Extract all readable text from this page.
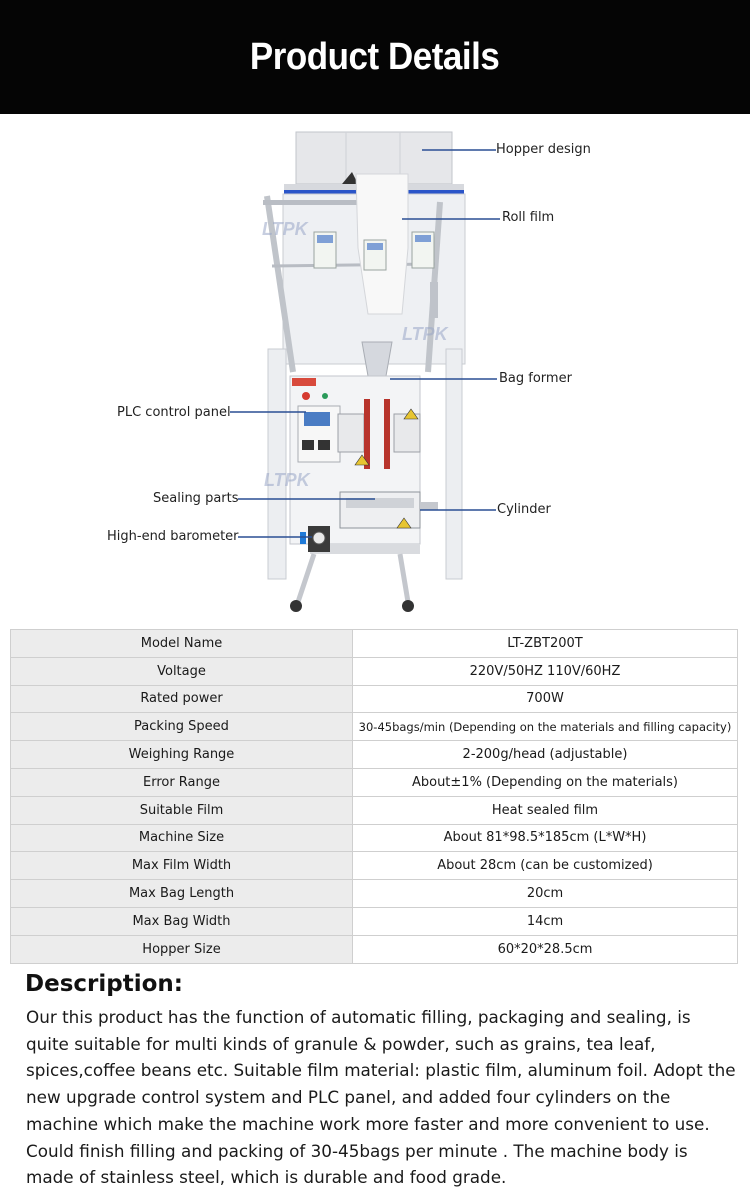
Product Details
LTPK
LTPK
LTPK
Hopper design
Roll film
Bag former
PLC control panel
Sealing parts
Cylinder
High-end barometer
Model Name	LT-ZBT200T
Voltage	220V/50HZ 110V/60HZ
Rated power	700W
Packing Speed	30-45bags/min (Depending on the materials and filling capacity)
Weighing Range	2-200g/head (adjustable)
Error Range	About±1% (Depending on the materials)
Suitable Film	Heat sealed film
Machine Size	About 81*98.5*185cm (L*W*H)
Max Film Width	About 28cm (can be customized)
Max Bag Length	20cm
Max Bag Width	14cm
Hopper Size	60*20*28.5cm
Description:
Our this product has the function of automatic filling, packaging and sealing, is quite suitable for multi kinds of granule & powder, such as grains, tea leaf, spices,coffee beans etc. Suitable film material: plastic film, aluminum foil. Adopt the new upgrade control system and PLC panel, and added four cylinders on the machine which make the machine work more faster and more convenient to use. Could finish filling and packing of 30-45bags per minute . The machine body is made of stainless steel, which is durable and food grade.
